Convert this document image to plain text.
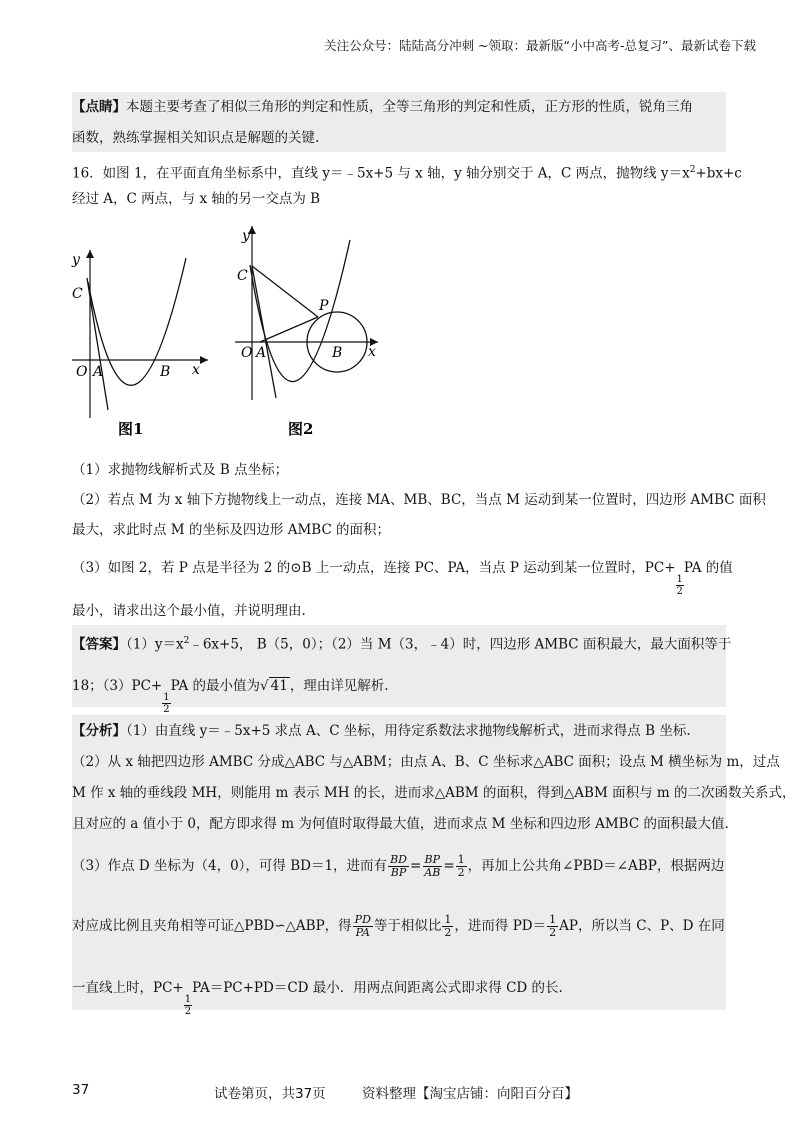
关注公众号：陆陆高分冲刺 ~领取：最新版“小中高考-总复习”、最新试卷下载
【点睛】本题主要考查了相似三角形的判定和性质，全等三角形的判定和性质，正方形的性质，锐角三角
函数，熟练掌握相关知识点是解题的关键.
16．如图 1，在平面直角坐标系中，直线 y＝﹣5x+5 与 x 轴，y 轴分别交于 A，C 两点，抛物线 $y=x^2+bx+c$
经过 A，C 两点，与 x 轴的另一交点为 B
y
C
O A	B x
图1
y
C
P
O A	B x
图2
（1）求抛物线解析式及 B 点坐标；
（2）若点 M 为 x 轴下方抛物线上一动点，连接 MA、MB、BC，当点 M 运动到某一位置时，四边形 AMBC 面积
最大，求此时点 M 的坐标及四边形 AMBC 的面积；
（3）如图 2，若 P 点是半径为 2 的⊙B 上一动点，连接 PC、PA，当点 P 运动到某一位置时，PC+
$\frac{1}{2}$
PA 的值
最小，请求出这个最小值，并说明理由.
【答案】$(1)y=x^2﹣6x+5$， B（5，0）；（2）当 M（3，﹣4）时，四边形 AMBC 面积最大，最大面积等于
18；（3）PC+
$\frac{1}{2}$
PA 的最小值为√ 41 ，理由详见解析.
【分析】（1）由直线 y＝﹣5x+5 求点 A、C 坐标，用待定系数法求抛物线解析式，进而求得点 B 坐标.
（2）从 x 轴把四边形 AMBC 分成△ABC 与△ABM；由点 A、B、C 坐标求△ABC 面积；设点 M 横坐标为 m，过点
M 作 x 轴的垂线段 MH，则能用 m 表示 MH 的长，进而求△ABM 的面积，得到△ABM 面积与 m 的二次函数关系式，
且对应的 a 值小于 0，配方即求得 m 为何值时取得最大值，进而求点 M 坐标和四边形 AMBC 的面积最大值.
（3）作点 D 坐标为（4，0），可得 BD＝1，进而有 $\frac{BD}{BP} = \frac{BP}{AB} = \frac{1}{2}$ ，再加上公共角∠PBD＝∠ABP，根据两边
对应成比例且夹角相等可证△PBD∽△ABP，得 $\frac{PD}{PA}$ 等于相似比 $\frac{1}{2}$ ，进而得 $PD= \frac{1}{2}$ AP，所以当 C、P、D 在同
一直线上时，PC+
$\frac{1}{2}$
PA＝PC+PD＝CD 最小．用两点间距离公式即求得 CD 的长.
37	试卷第页，共37页	资料整理【淘宝店铺：向阳百分百】
